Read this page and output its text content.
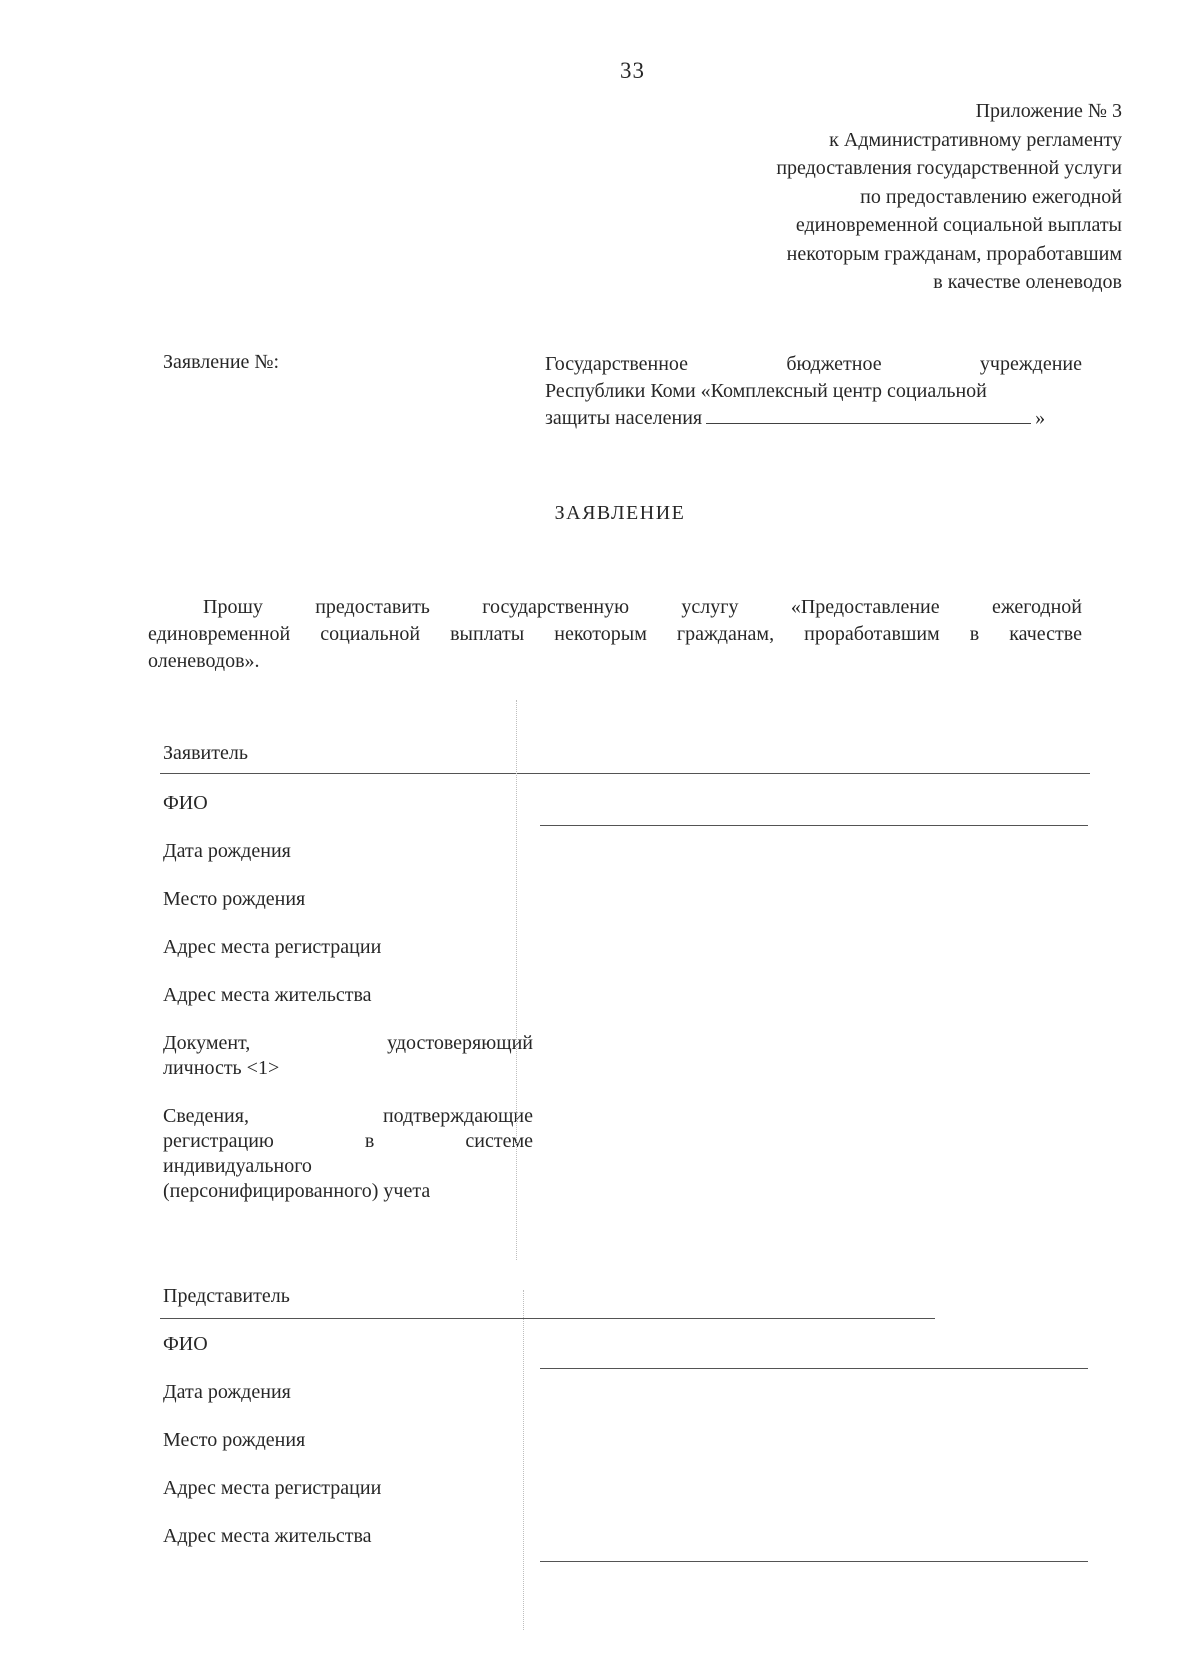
33
Приложение № 3
к Административному регламенту
предоставления государственной услуги
по предоставлению ежегодной
единовременной социальной выплаты
некоторым гражданам, проработавшим
в качестве оленеводов
Заявление №:	Государственное бюджетное учреждение
Республики Коми «Комплексный центр социальной
защиты населения	»
ЗАЯВЛЕНИЕ
Прошу предоставить государственную услугу «Предоставление ежегодной
единовременной социальной выплаты некоторым гражданам, проработавшим в качестве
оленеводов».
Заявитель
ФИО
Дата рождения
Место рождения
Адрес места регистрации
Адрес места жительства
Документ, удостоверяющий
личность <1>
Сведения, подтверждающие
регистрацию в системе
индивидуального
(персонифицированного) учета
Представитель
ФИО
Дата рождения
Место рождения
Адрес места регистрации
Адрес места жительства
